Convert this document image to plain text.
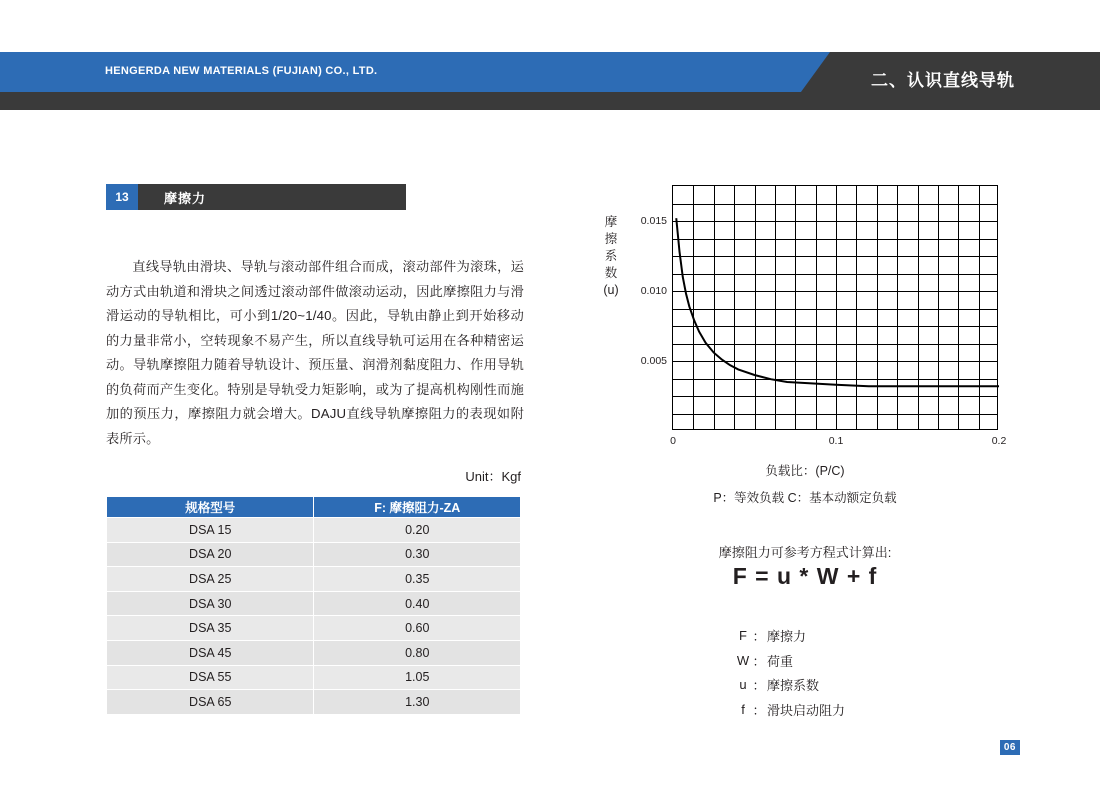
HENGERDA NEW MATERIALS (FUJIAN) CO., LTD.	二、认识直线导轨
13	摩擦力
直线导轨由滑块、导轨与滚动部件组合而成，滚动部件为滚珠，运动方式由轨道和滑块之间透过滚动部件做滚动运动，因此摩擦阻力与滑滑运动的导轨相比，可小到1/20~1/40。因此，导轨由静止到开始移动的力量非常小，空转现象不易产生，所以直线导轨可运用在各种精密运动。导轨摩擦阻力随着导轨设计、预压量、润滑剂黏度阻力、作用导轨的负荷而产生变化。特别是导轨受力矩影响，或为了提高机构刚性而施加的预压力，摩擦阻力就会增大。DAJU直线导轨摩擦阻力的表现如附表所示。
Unit：Kgf
规格型号	F: 摩擦阻力-ZA
DSA 15	0.20
DSA 20	0.30
DSA 25	0.35
DSA 30	0.40
DSA 35	0.60
DSA 45	0.80
DSA 55	1.05
DSA 65	1.30
摩
擦
系
数
(u)
0.005
0.010
0.015
0	0.1	0.2
负载比：(P/C)
P：等效负载 C：基本动额定负载
摩擦阻力可参考方程式计算出:
F = u * W + f
F ： 摩擦力
W ： 荷重
u ： 摩擦系数
f ： 滑块启动阻力
06
